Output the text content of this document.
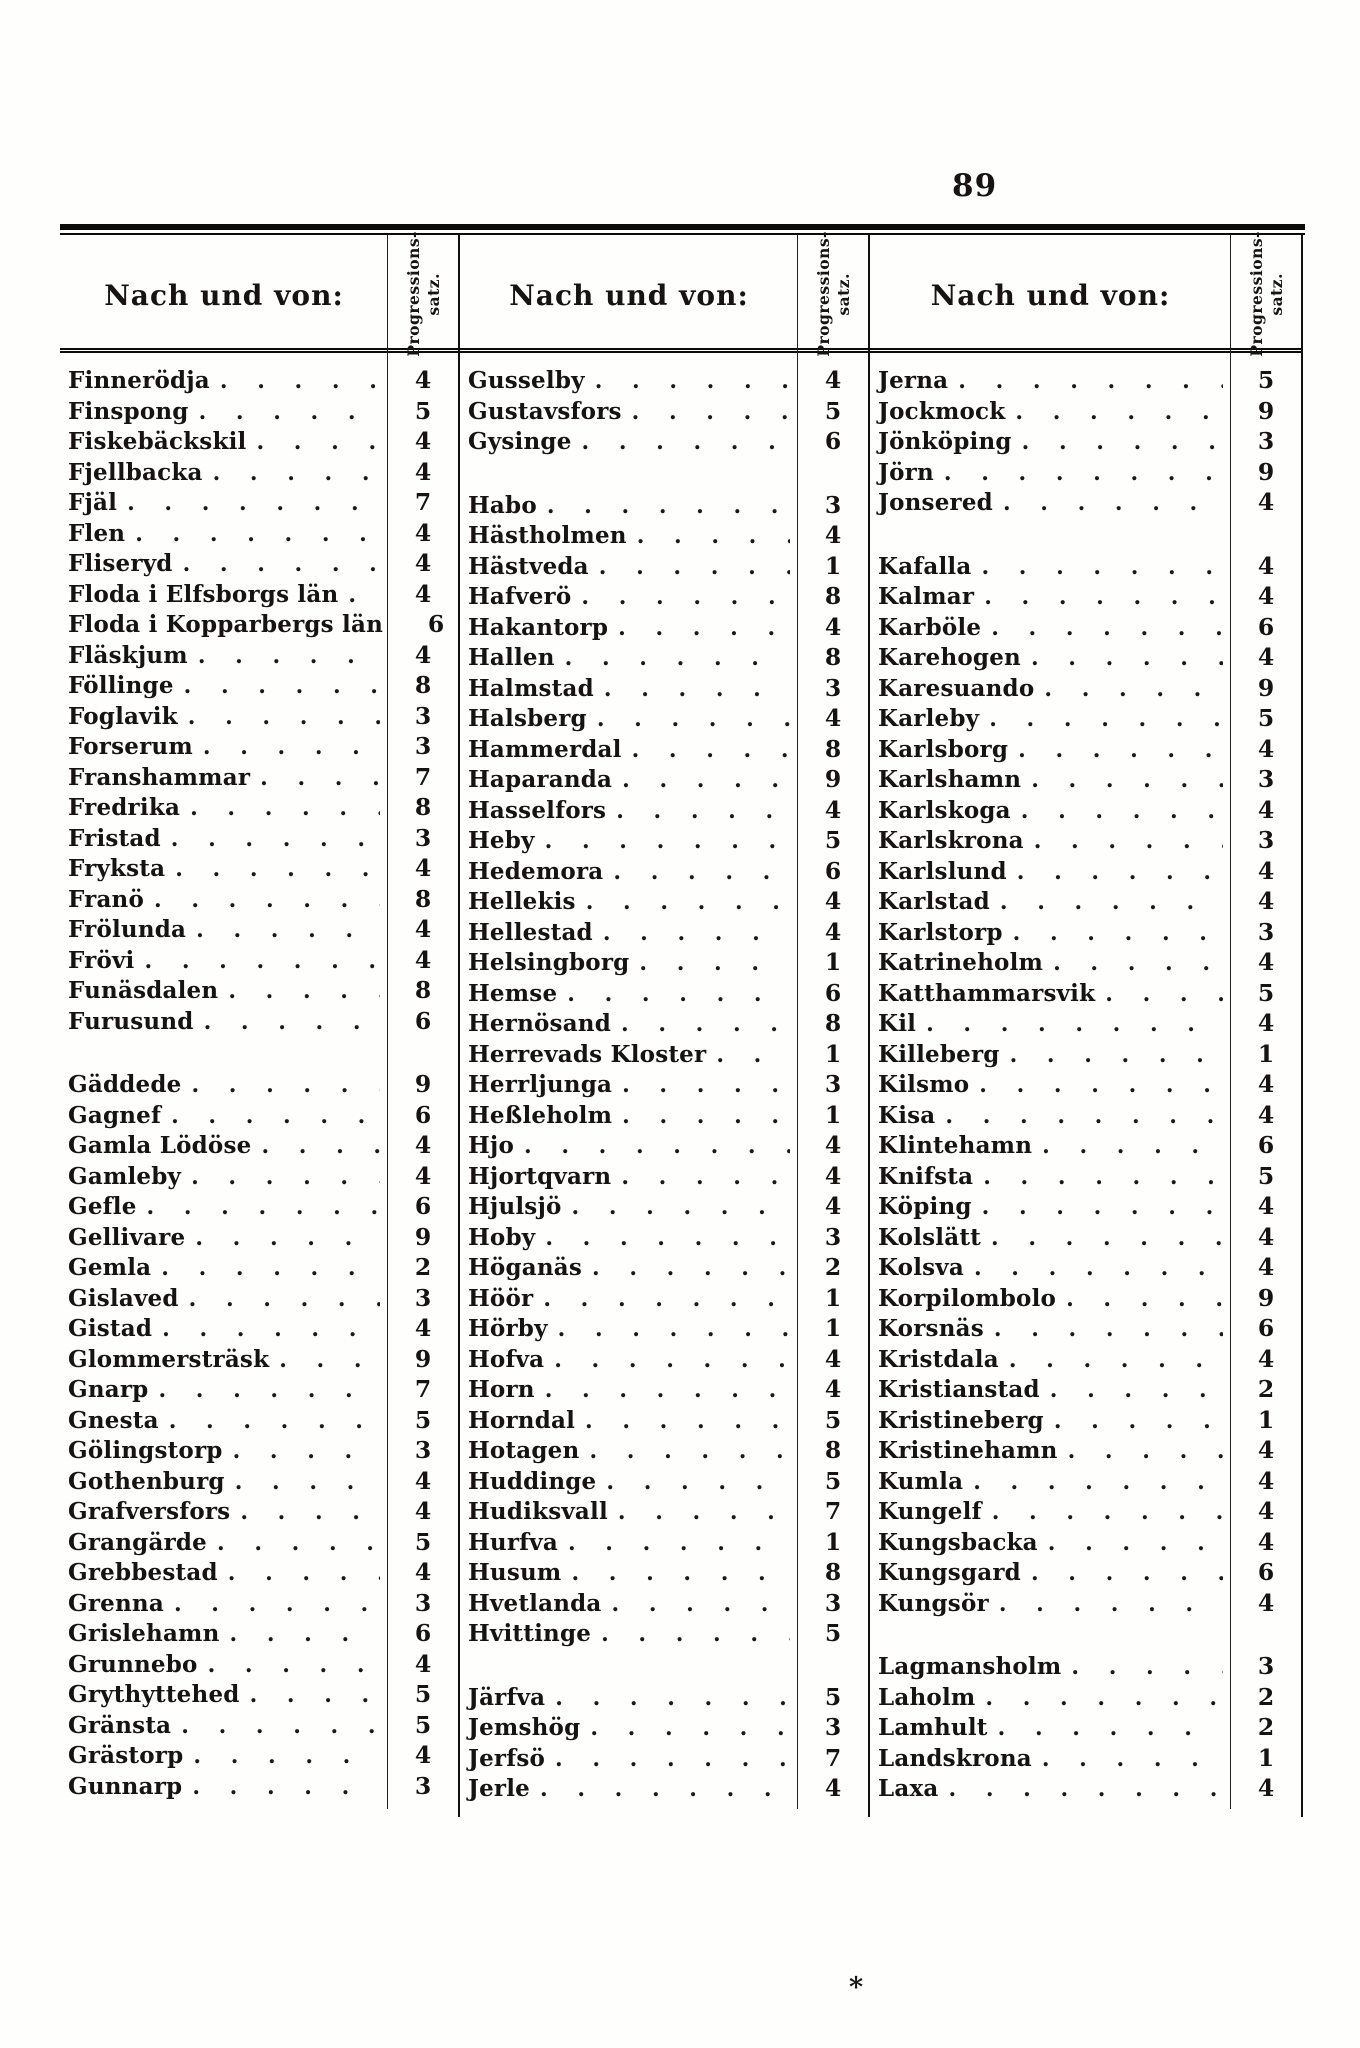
89
Nach und von:	Progressions- satz.
Finnerödja . . .	4
Finspong . . .	5
Fiskebäckskil . . .	4
Fjellbacka . . .	4
Fjäl . . .	7
Flen . . .	4
Fliseryd . . .	4
Floda i Elfsborgs län . . .	4
Floda i Kopparbergs län	6
Fläskjum . . .	4
Föllinge . . .	8
Foglavik . . .	3
Forserum . . .	3
Franshammar . . .	7
Fredrika . . .	8
Fristad . . .	3
Fryksta . . .	4
Franö . . .	8
Frölunda . . .	4
Frövi . . .	4
Funäsdalen . . .	8
Furusund . . .	6
Gäddede . . .	9
Gagnef . . .	6
Gamla Lödöse . . .	4
Gamleby . . .	4
Gefle . . .	6
Gellivare . . .	9
Gemla . . .	2
Gislaved . . .	3
Gistad . . .	4
Glommersträsk . . .	9
Gnarp . . .	7
Gnesta . . .	5
Gölingstorp . . .	3
Gothenburg . . .	4
Grafversfors . . .	4
Grangärde . . .	5
Grebbestad . . .	4
Grenna . . .	3
Grislehamn . . .	6
Grunnebo . . .	4
Grythyttehed . . .	5
Gränsta . . .	5
Grästorp . . .	4
Gunnarp . . .	3
Nach und von:	Progressions- satz.
Gusselby . . .	4
Gustavsfors . . .	5
Gysinge . . .	6
Habo . . .	3
Hästholmen . . .	4
Hästveda . . .	1
Hafverö . . .	8
Hakantorp . . .	4
Hallen . . .	8
Halmstad . . .	3
Halsberg . . .	4
Hammerdal . . .	8
Haparanda . . .	9
Hasselfors . . .	4
Heby . . .	5
Hedemora . . .	6
Hellekis . . .	4
Hellestad . . .	4
Helsingborg . . .	1
Hemse . . .	6
Hernösand . . .	8
Herrevads Kloster . . .	1
Herrljunga . . .	3
Heßleholm . . .	1
Hjo . . .	4
Hjortqvarn . . .	4
Hjulsjö . . .	4
Hoby . . .	3
Höganäs . . .	2
Höör . . .	1
Hörby . . .	1
Hofva . . .	4
Horn . . .	4
Horndal . . .	5
Hotagen . . .	8
Huddinge . . .	5
Hudiksvall . . .	7
Hurfva . . .	1
Husum . . .	8
Hvetlanda . . .	3
Hvittinge . . .	5
Järfva . . .	5
Jemshög . . .	3
Jerfsö . . .	7
Jerle . . .	4
Nach und von:	Progressions- satz.
Jerna . . .	5
Jockmock . . .	9
Jönköping . . .	3
Jörn . . .	9
Jonsered . . .	4
Kafalla . . .	4
Kalmar . . .	4
Karböle . . .	6
Karehogen . . .	4
Karesuando . . .	9
Karleby . . .	5
Karlsborg . . .	4
Karlshamn . . .	3
Karlskoga . . .	4
Karlskrona . . .	3
Karlslund . . .	4
Karlstad . . .	4
Karlstorp . . .	3
Katrineholm . . .	4
Katthammarsvik . . .	5
Kil . . .	4
Killeberg . . .	1
Kilsmo . . .	4
Kisa . . .	4
Klintehamn . . .	6
Knifsta . . .	5
Köping . . .	4
Kolslätt . . .	4
Kolsva . . .	4
Korpilombolo . . .	9
Korsnäs . . .	6
Kristdala . . .	4
Kristianstad . . .	2
Kristineberg . . .	1
Kristinehamn . . .	4
Kumla . . .	4
Kungelf . . .	4
Kungsbacka . . .	4
Kungsgard . . .	6
Kungsör . . .	4
Lagmansholm . . .	3
Laholm . . .	2
Lamhult . . .	2
Landskrona . . .	1
Laxa . . .	4
*
